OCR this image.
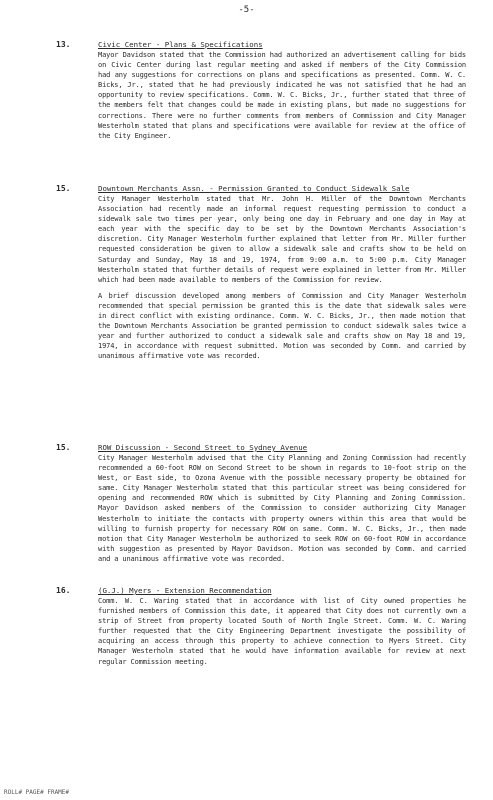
-5-
13.	Civic Center - Plans & Specifications

Mayor Davidson stated that the Commission had authorized an advertisement calling for bids on Civic Center during last regular meeting and asked if members of the City Commission had any suggestions for corrections on plans and specifications as presented. Comm. W. C. Bicks, Jr., stated that he had previously indicated he was not satisfied that he had an opportunity to review specifications. Comm. W. C. Bicks, Jr., further stated that three of the members felt that changes could be made in existing plans, but made no suggestions for corrections. There were no further comments from members of Commission and City Manager Westerholm stated that plans and specifications were available for review at the office of the City Engineer.

15.	Downtown Merchants Assn. - Permission Granted to Conduct Sidewalk Sale

City Manager Westerholm stated that Mr. John H. Miller of the Downtown Merchants Association had recently made an informal request requesting permission to conduct a sidewalk sale two times per year, only being one day in February and one day in May at each year with the specific day to be set by the Downtown Merchants Association's discretion. City Manager Westerholm further explained that letter from Mr. Miller further requested consideration be given to allow a sidewalk sale and crafts show to be held on Saturday and Sunday, May 18 and 19, 1974, from 9:00 a.m. to 5:00 p.m. City Manager Westerholm stated that further details of request were explained in letter from Mr. Miller which had been made available to members of the Commission for review.

A brief discussion developed among members of Commission and City Manager Westerholm recommended that special permission be granted this is the date that sidewalk sales were in direct conflict with existing ordinance. Comm. W. C. Bicks, Jr., then made motion that the Downtown Merchants Association be granted permission to conduct sidewalk sales twice a year and further authorized to conduct a sidewalk sale and crafts show on May 18 and 19, 1974, in accordance with request submitted. Motion was seconded by Comm. and carried by unanimous affirmative vote was recorded.

15.	ROW Discussion - Second Street to Sydney Avenue

City Manager Westerholm advised that the City Planning and Zoning Commission had recently recommended a 60-foot ROW on Second Street to be shown in regards to 10-foot strip on the West, or East side, to Ozona Avenue with the possible necessary property be obtained for same. City Manager Westerholm stated that this particular street was being considered for opening and recommended ROW which is submitted by City Planning and Zoning Commission. Mayor Davidson asked members of the Commission to consider authorizing City Manager Westerholm to initiate the contacts with property owners within this area that would be willing to furnish property for necessary ROW on same. Comm. W. C. Bicks, Jr., then made motion that City Manager Westerholm be authorized to seek ROW on 60-foot ROW in accordance with suggestion as presented by Mayor Davidson. Motion was seconded by Comm. and carried and a unanimous affirmative vote was recorded.

16.	(G.J.) Myers - Extension Recommendation

Comm. W. C. Waring stated that in accordance with list of City owned properties he furnished members of Commission this date, it appeared that City does not currently own a strip of Street from property located South of North Ingle Street. Comm. W. C. Waring further requested that the City Engineering Department investigate the possibility of acquiring an access through this property to achieve connection to Myers Street. City Manager Westerholm stated that he would have information available for review at next regular Commission meeting.

ROLL# PAGE# FRAME#
